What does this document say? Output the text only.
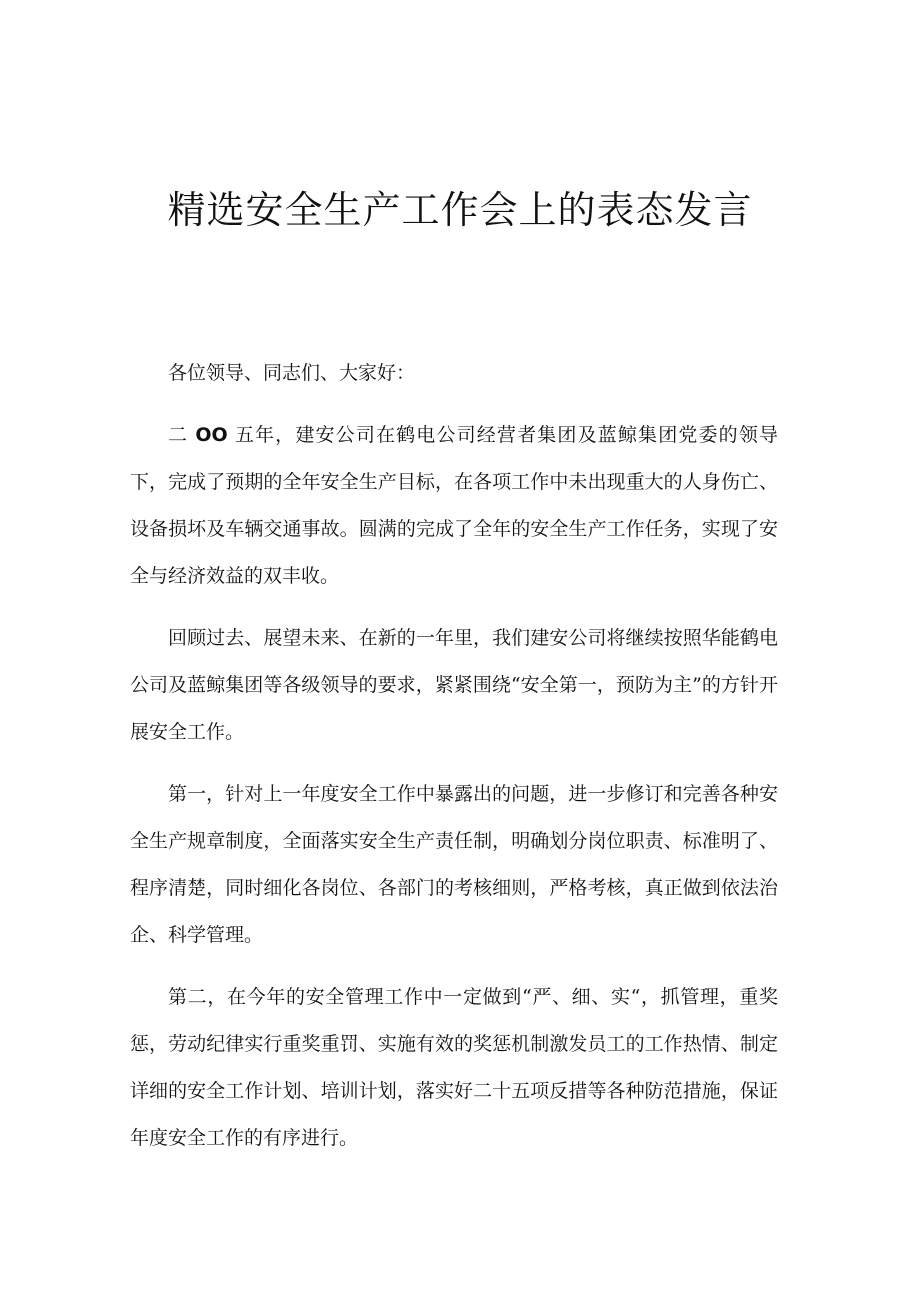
精选安全生产工作会上的表态发言

各位领导、同志们、大家好：

二 OO 五年，建安公司在鹤电公司经营者集团及蓝鲸集团党委的领导下，完成了预期的全年安全生产目标，在各项工作中未出现重大的人身伤亡、设备损坏及车辆交通事故。圆满的完成了全年的安全生产工作任务，实现了安全与经济效益的双丰收。

回顾过去、展望未来、在新的一年里，我们建安公司将继续按照华能鹤电公司及蓝鲸集团等各级领导的要求，紧紧围绕“安全第一，预防为主”的方针开展安全工作。

第一，针对上一年度安全工作中暴露出的问题，进一步修订和完善各种安全生产规章制度，全面落实安全生产责任制，明确划分岗位职责、标准明了、程序清楚，同时细化各岗位、各部门的考核细则，严格考核，真正做到依法治企、科学管理。

第二，在今年的安全管理工作中一定做到“严、细、实“，抓管理，重奖惩，劳动纪律实行重奖重罚、实施有效的奖惩机制激发员工的工作热情、制定详细的安全工作计划、培训计划，落实好二十五项反措等各种防范措施，保证年度安全工作的有序进行。
